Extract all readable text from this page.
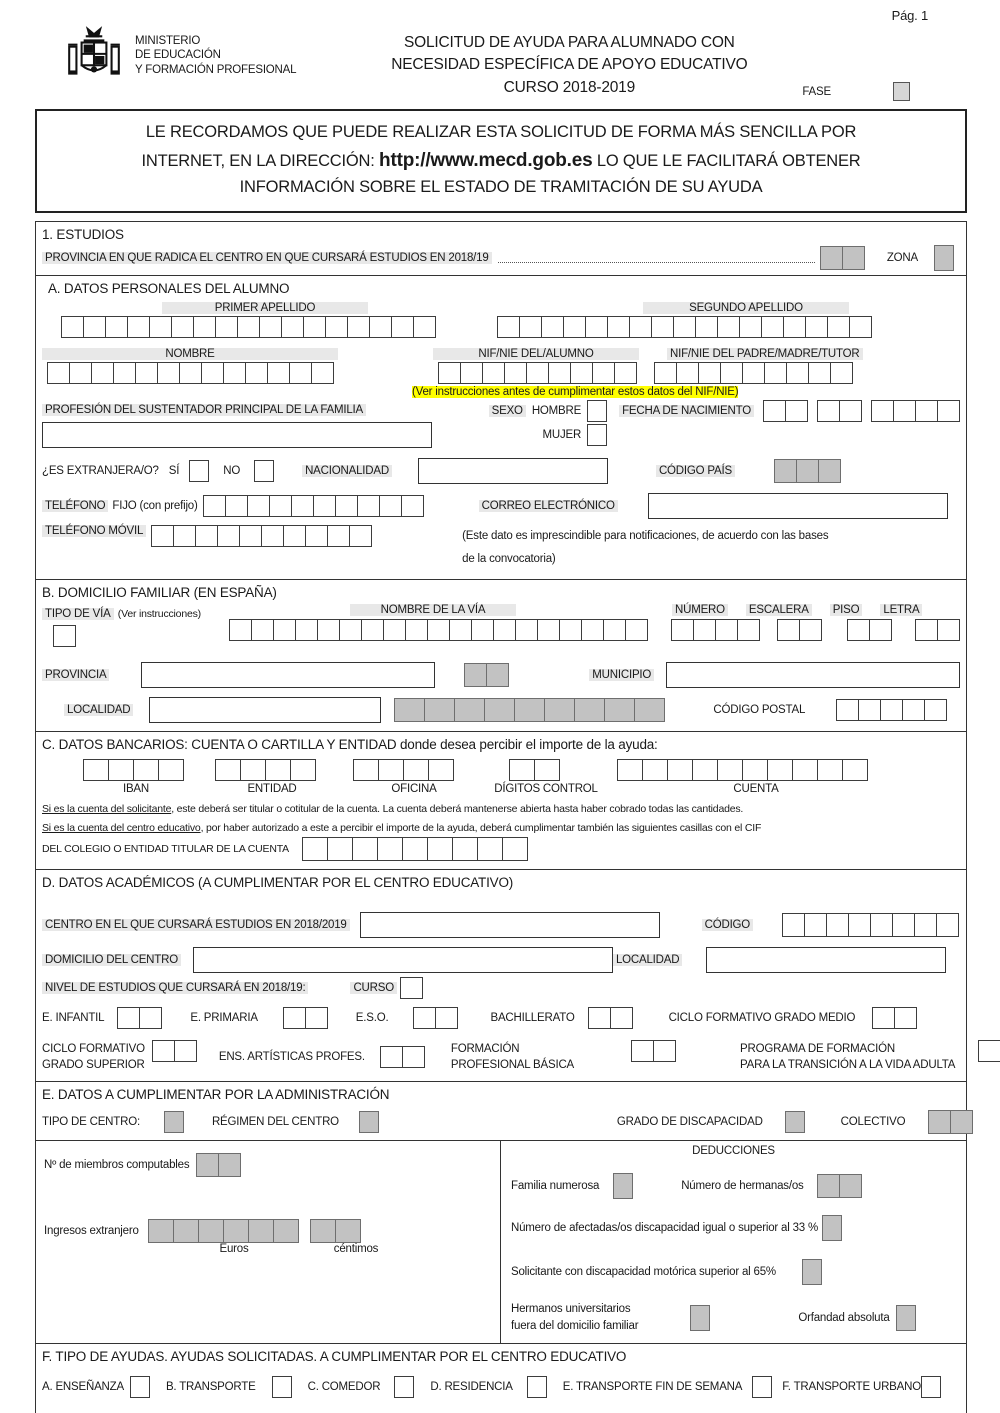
Pág. 1
MINISTERIO
DE EDUCACIÓN
Y FORMACIÓN PROFESIONAL
SOLICITUD DE AYUDA PARA ALUMNADO CON
NECESIDAD ESPECÍFICA DE APOYO EDUCATIVO
CURSO 2018-2019	FASE
LE RECORDAMOS QUE PUEDE REALIZAR ESTA SOLICITUD DE FORMA MÁS SENCILLA POR
INTERNET, EN LA DIRECCIÓN: http://www.mecd.gob.es LO QUE LE FACILITARÁ OBTENER
INFORMACIÓN SOBRE EL ESTADO DE TRAMITACIÓN DE SU AYUDA
1. ESTUDIOS
PROVINCIA EN QUE RADICA EL CENTRO EN QUE CURSARÁ ESTUDIOS EN 2018/19	ZONA
A. DATOS PERSONALES DEL ALUMNO
PRIMER APELLIDO	SEGUNDO APELLIDO
NOMBRE	NIF/NIE DEL/ALUMNO	NIF/NIE DEL PADRE/MADRE/TUTOR
(Ver instrucciones antes de cumplimentar estos datos del NIF/NIE)
PROFESIÓN DEL SUSTENTADOR PRINCIPAL DE LA FAMILIA	SEXO HOMBRE
MUJER
FECHA DE NACIMIENTO
¿ES EXTRANJERA/O? SÍ	NO	NACIONALIDAD	CÓDIGO PAÍS
TELÉFONO FIJO (con prefijo)	CORREO ELECTRÓNICO
TELÉFONO MÓVIL	(Este dato es imprescindible para notificaciones, de acuerdo con las bases
de la convocatoria)
B. DOMICILIO FAMILIAR (EN ESPAÑA)
TIPO DE VÍA (Ver instrucciones)	NOMBRE DE LA VÍA	NÚMERO ESCALERA PISO LETRA
PROVINCIA	MUNICIPIO
LOCALIDAD	CÓDIGO POSTAL
C. DATOS BANCARIOS: CUENTA O CARTILLA Y ENTIDAD donde desea percibir el importe de la ayuda:
IBAN	ENTIDAD	OFICINA	DÍGITOS CONTROL	CUENTA
Si es la cuenta del solicitante, este deberá ser titular o cotitular de la cuenta. La cuenta deberá mantenerse abierta hasta haber cobrado todas las cantidades.
Si es la cuenta del centro educativo, por haber autorizado a este a percibir el importe de la ayuda, deberá cumplimentar también las siguientes casillas con el CIF
DEL COLEGIO O ENTIDAD TITULAR DE LA CUENTA
D. DATOS ACADÉMICOS (A CUMPLIMENTAR POR EL CENTRO EDUCATIVO)
CENTRO EN EL QUE CURSARÁ ESTUDIOS EN 2018/2019	CÓDIGO
DOMICILIO DEL CENTRO	LOCALIDAD
NIVEL DE ESTUDIOS QUE CURSARÁ EN 2018/19:	CURSO
E. INFANTIL	E. PRIMARIA	E.S.O.	BACHILLERATO	CICLO FORMATIVO GRADO MEDIO
CICLO FORMATIVO
GRADO SUPERIOR
ENS. ARTÍSTICAS PROFES.
FORMACIÓN
PROFESIONAL BÁSICA
PROGRAMA DE FORMACIÓN
PARA LA TRANSICIÓN A LA VIDA ADULTA
E. DATOS A CUMPLIMENTAR POR LA ADMINISTRACIÓN
TIPO DE CENTRO:	RÉGIMEN DEL CENTRO	GRADO DE DISCAPACIDAD	COLECTIVO
Nº de miembros computables
Ingresos extranjero
Euros	céntimos
DEDUCCIONES
Familia numerosa	Número de hermanas/os
Número de afectadas/os discapacidad igual o superior al 33 %
Solicitante con discapacidad motórica superior al 65%
Hermanos universitarios
fuera del domicilio familiar
Orfandad absoluta
F. TIPO DE AYUDAS. AYUDAS SOLICITADAS. A CUMPLIMENTAR POR EL CENTRO EDUCATIVO
A. ENSEÑANZA	B. TRANSPORTE	C. COMEDOR	D. RESIDENCIA	E. TRANSPORTE FIN DE SEMANA	F. TRANSPORTE URBANO
